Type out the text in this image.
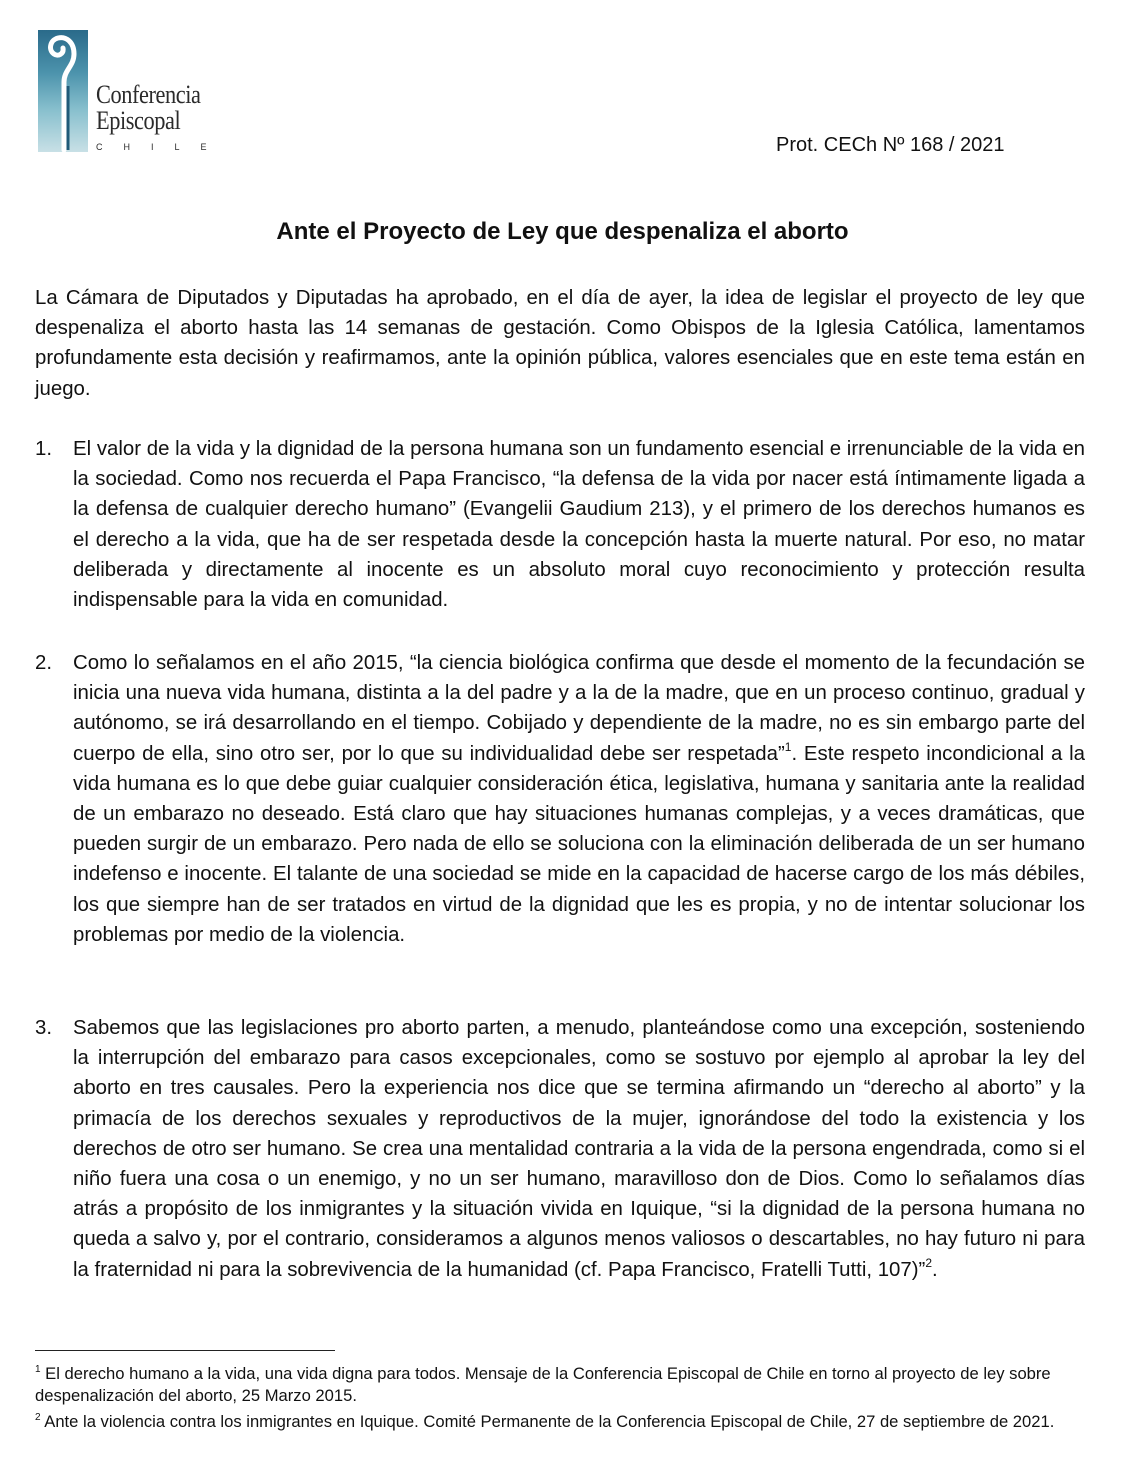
Conferencia
Episcopal
CHILE	Prot. CECh Nº 168 / 2021
Ante el Proyecto de Ley que despenaliza el aborto

La Cámara de Diputados y Diputadas ha aprobado, en el día de ayer, la idea de legislar el proyecto de ley que despenaliza el aborto hasta las 14 semanas de gestación. Como Obispos de la Iglesia Católica, lamentamos profundamente esta decisión y reafirmamos, ante la opinión pública, valores esenciales que en este tema están en juego.

1. El valor de la vida y la dignidad de la persona humana son un fundamento esencial e irrenunciable de la vida en la sociedad. Como nos recuerda el Papa Francisco, “la defensa de la vida por nacer está íntimamente ligada a la defensa de cualquier derecho humano” (Evangelii Gaudium 213), y el primero de los derechos humanos es el derecho a la vida, que ha de ser respetada desde la concepción hasta la muerte natural. Por eso, no matar deliberada y directamente al inocente es un absoluto moral cuyo reconocimiento y protección resulta indispensable para la vida en comunidad.

2. Como lo señalamos en el año 2015, “la ciencia biológica confirma que desde el momento de la fecundación se inicia una nueva vida humana, distinta a la del padre y a la de la madre, que en un proceso continuo, gradual y autónomo, se irá desarrollando en el tiempo. Cobijado y dependiente de la madre, no es sin embargo parte del cuerpo de ella, sino otro ser, por lo que su individualidad debe ser respetada”$^1$. Este respeto incondicional a la vida humana es lo que debe guiar cualquier consideración ética, legislativa, humana y sanitaria ante la realidad de un embarazo no deseado. Está claro que hay situaciones humanas complejas, y a veces dramáticas, que pueden surgir de un embarazo. Pero nada de ello se soluciona con la eliminación deliberada de un ser humano indefenso e inocente. El talante de una sociedad se mide en la capacidad de hacerse cargo de los más débiles, los que siempre han de ser tratados en virtud de la dignidad que les es propia, y no de intentar solucionar los problemas por medio de la violencia.

3. Sabemos que las legislaciones pro aborto parten, a menudo, planteándose como una excepción, sosteniendo la interrupción del embarazo para casos excepcionales, como se sostuvo por ejemplo al aprobar la ley del aborto en tres causales. Pero la experiencia nos dice que se termina afirmando un “derecho al aborto” y la primacía de los derechos sexuales y reproductivos de la mujer, ignorándose del todo la existencia y los derechos de otro ser humano. Se crea una mentalidad contraria a la vida de la persona engendrada, como si el niño fuera una cosa o un enemigo, y no un ser humano, maravilloso don de Dios. Como lo señalamos días atrás a propósito de los inmigrantes y la situación vivida en Iquique, “si la dignidad de la persona humana no queda a salvo y, por el contrario, consideramos a algunos menos valiosos o descartables, no hay futuro ni para la fraternidad ni para la sobrevivencia de la humanidad (cf. Papa Francisco, Fratelli Tutti, 107)”$^2$.

$^1$ El derecho humano a la vida, una vida digna para todos. Mensaje de la Conferencia Episcopal de Chile en torno al proyecto de ley sobre despenalización del aborto, 25 Marzo 2015.

$^2$ Ante la violencia contra los inmigrantes en Iquique. Comité Permanente de la Conferencia Episcopal de Chile, 27 de septiembre de 2021.
